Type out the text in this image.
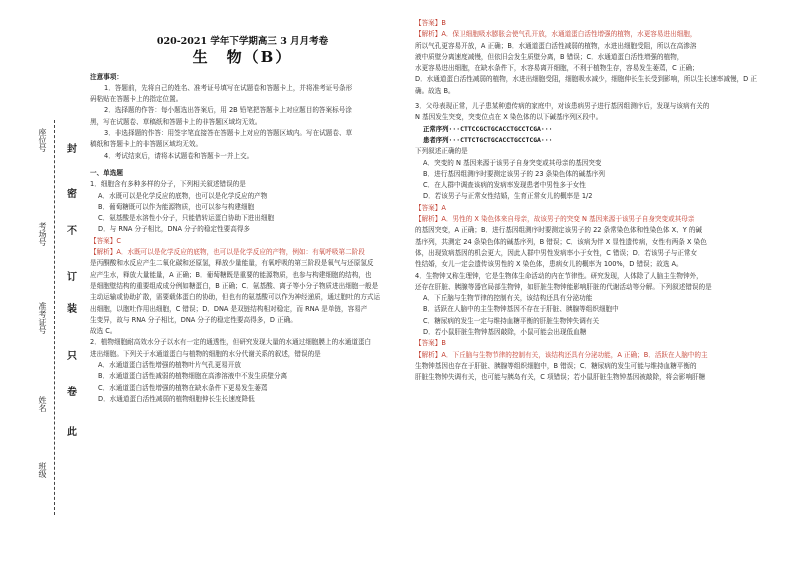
座位号
考场号
准考证号
姓名
班级
封
密
不
订
装
只
卷
此
020-2021 学年下学期高三 3 月月考卷
生　物（B）
注意事项：

1．答题前，先将自己的姓名、准考证号填写在试题卷和答题卡上，并将准考证号条形

码粘贴在答题卡上的指定位置。

2．选择题的作答：每小题选出答案后，用 2B 铅笔把答题卡上对应题目的答案标号涂

黑，写在试题卷、草稿纸和答题卡上的非答题区域均无效。

3．非选择题的作答：用签字笔直接答在答题卡上对应的答题区域内。写在试题卷、草

稿纸和答题卡上的非答题区域均无效。

4．考试结束后，请将本试题卷和答题卡一并上交。

一、单选题

1．细胞含有多种多样的分子，下列相关叙述错误的是

A．水既可以是化学反应的底物，也可以是化学反应的产物

B．葡萄糖既可以作为能源物质，也可以参与构建细胞

C．氨基酸是水溶性小分子，只能借转运蛋白协助下进出细胞

D．与 RNA 分子相比，DNA 分子的稳定性要高得多

【答案】C

【解析】A．水既可以是化学反应的底物，也可以是化学反应的产物，例如：有氧呼吸第二阶段

是丙酮酸和水反应产生二氧化碳和还原氢，释放少量能量，有氧呼吸的第三阶段是氧气与还原氢反

应产生水，释放大量能量，A 正确；B．葡萄糖既是重要的能源物质，也参与构建细胞的结构，也

是细胞壁结构的重要组成成分例如糖蛋白，B 正确；C．氨基酸、离子等小分子物质进出细胞一般是

主动运输或协助扩散，需要载体蛋白的协助，但也有的氨基酸可以作为神经递质，通过胞吐的方式运

出细胞，以胞吐作用出细胞，C 错误；D．DNA 是双链结构相对稳定，而 RNA 是单链，容易产

生变异，故与 RNA 分子相比，DNA 分子的稳定性要高得多，D 正确。

故选 C。

2．植物细胞耐高效水分子以水有一定的通透性，但研究发现大量的水通过细胞膜上的水通道蛋白

进出细胞。下列关于水通道蛋白与植物的细胞的水分代谢关系的叙述，错误的是

A．水通道蛋白活性增强的植物叶片气孔更易开放

B．水通道蛋白活性减弱的植物细胞在高渗溶液中不发生质壁分离

C．水通道蛋白活性增强的植物在缺水条件下更易发生萎蔫

D．水通道蛋白活性减弱的植物细胞伸长生长速度降低

【答案】B

【解析】A．保卫细胞吸水膨胀会使气孔开放，水通道蛋白活性增强的植物，水更容易进出细胞，

所以气孔更容易开放，A 正确；B．水通道蛋白活性减弱的植物，水进出细胞受阻，所以在高渗溶

液中质壁分离速度减慢，但依旧会发生质壁分离，B 错误；C．水通道蛋白活性增强的植物，

水更容易进出细胞，在缺水条件下，水容易离开细胞，不利于植物生存，容易发生萎蔫，C 正确；

D．水通道蛋白活性减弱的植物，水进出细胞受阻，细胞吸水减少，细胞伸长生长受到影响，所以生长速率减慢，D 正

确。故选 B。

3．父母表现正常，儿子患某种遗传病的家庭中，对该患病男子进行基因组测序后，发现与该病有关的

N 基因发生突变，突变位点在 X 染色体的以下碱基序列区段中。

正常序列···CTTCCGCTGCACCTGCCTCGA···

患者序列···CTTCTGCTGCACCTGCCTCGA···

下列叙述正确的是

A．突变的 N 基因来源于该男子自身突变或其母亲的基因突变

B．进行基因组测序时要测定该男子的 23 条染色体的碱基序列

C．在人群中调查该病的发病率发现患者中男性多于女性

D．若该男子与正常女性结婚，生育正常女儿的概率是 1/2

【答案】A

【解析】A．男性的 X 染色体来自母亲，故该男子的突变 N 基因来源于该男子自身突变或其母亲

的基因突变，A 正确；B．进行基因组测序时要测定该男子的 22 条常染色体和性染色体 X、Y 的碱

基序列，共测定 24 条染色体的碱基序列，B 错误；C．该病为伴 X 显性遗传病，女性有两条 X 染色

体，出现致病基因的机会更大，因此人群中男性发病率小于女性，C 错误；D．若该男子与正常女

性结婚，女儿一定会遗传该男性的 X 染色体，患病女儿的概率为 100%，D 错误；故选 A。

4．生物钟又称生理钟，它是生物体生命活动的内在节律性。研究发现，人体除了人脑主生物钟外，

还存在肝脏、胰腺等器官局部生物钟，如肝脏生物钟能影响肝脏的代谢活动等分解。下列叙述错误的是

A．下丘脑与生物节律的控制有关，该结构还具有分泌功能

B．活跃在人脑中的主生物钟基因不存在于肝脏、胰腺等组织细胞中

C．糖尿病的发生一定与维持血糖平衡的肝脏生物钟失调有关

D．若小鼠肝脏生物钟基因敲除，小鼠可能会出现低血糖

【答案】B

【解析】A．下丘脑与生物节律的控制有关，该结构还具有分泌功能，A 正确；B．活跃在人脑中的主

生物钟基因也存在于肝脏、胰腺等组织细胞中，B 错误；C．糖尿病的发生可能与维持血糖平衡的

肝脏生物钟失调有关，也可能与胰岛有关，C 项错误；若小鼠肝脏生物钟基因被敲除，将会影响肝糖
